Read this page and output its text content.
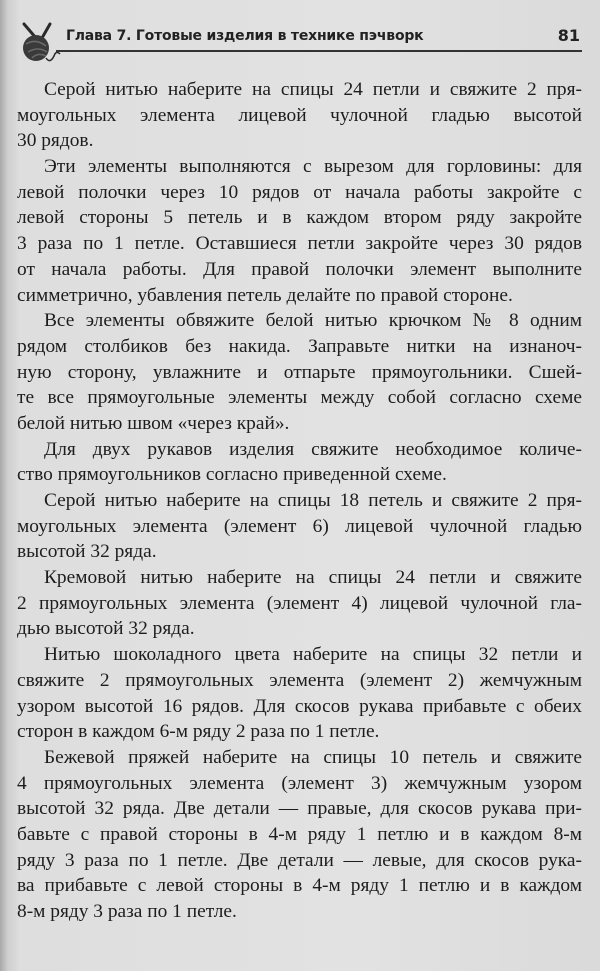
Глава 7. Готовые изделия в технике пэчворк	81
Серой нитью наберите на спицы 24 петли и свяжите 2 пря-
моугольных элемента лицевой чулочной гладью высотой
30 рядов.
Эти элементы выполняются с вырезом для горловины: для
левой полочки через 10 рядов от начала работы закройте с
левой стороны 5 петель и в каждом втором ряду закройте
3 раза по 1 петле. Оставшиеся петли закройте через 30 рядов
от начала работы. Для правой полочки элемент выполните
симметрично, убавления петель делайте по правой стороне.
Все элементы обвяжите белой нитью крючком № 8 одним
рядом столбиков без накида. Заправьте нитки на изнаноч-
ную сторону, увлажните и отпарьте прямоугольники. Сшей-
те все прямоугольные элементы между собой согласно схеме
белой нитью швом «через край».
Для двух рукавов изделия свяжите необходимое количе-
ство прямоугольников согласно приведенной схеме.
Серой нитью наберите на спицы 18 петель и свяжите 2 пря-
моугольных элемента (элемент 6) лицевой чулочной гладью
высотой 32 ряда.
Кремовой нитью наберите на спицы 24 петли и свяжите
2 прямоугольных элемента (элемент 4) лицевой чулочной гла-
дью высотой 32 ряда.
Нитью шоколадного цвета наберите на спицы 32 петли и
свяжите 2 прямоугольных элемента (элемент 2) жемчужным
узором высотой 16 рядов. Для скосов рукава прибавьте с обеих
сторон в каждом 6-м ряду 2 раза по 1 петле.
Бежевой пряжей наберите на спицы 10 петель и свяжите
4 прямоугольных элемента (элемент 3) жемчужным узором
высотой 32 ряда. Две детали — правые, для скосов рукава при-
бавьте с правой стороны в 4-м ряду 1 петлю и в каждом 8-м
ряду 3 раза по 1 петле. Две детали — левые, для скосов рука-
ва прибавьте с левой стороны в 4-м ряду 1 петлю и в каждом
8-м ряду 3 раза по 1 петле.
